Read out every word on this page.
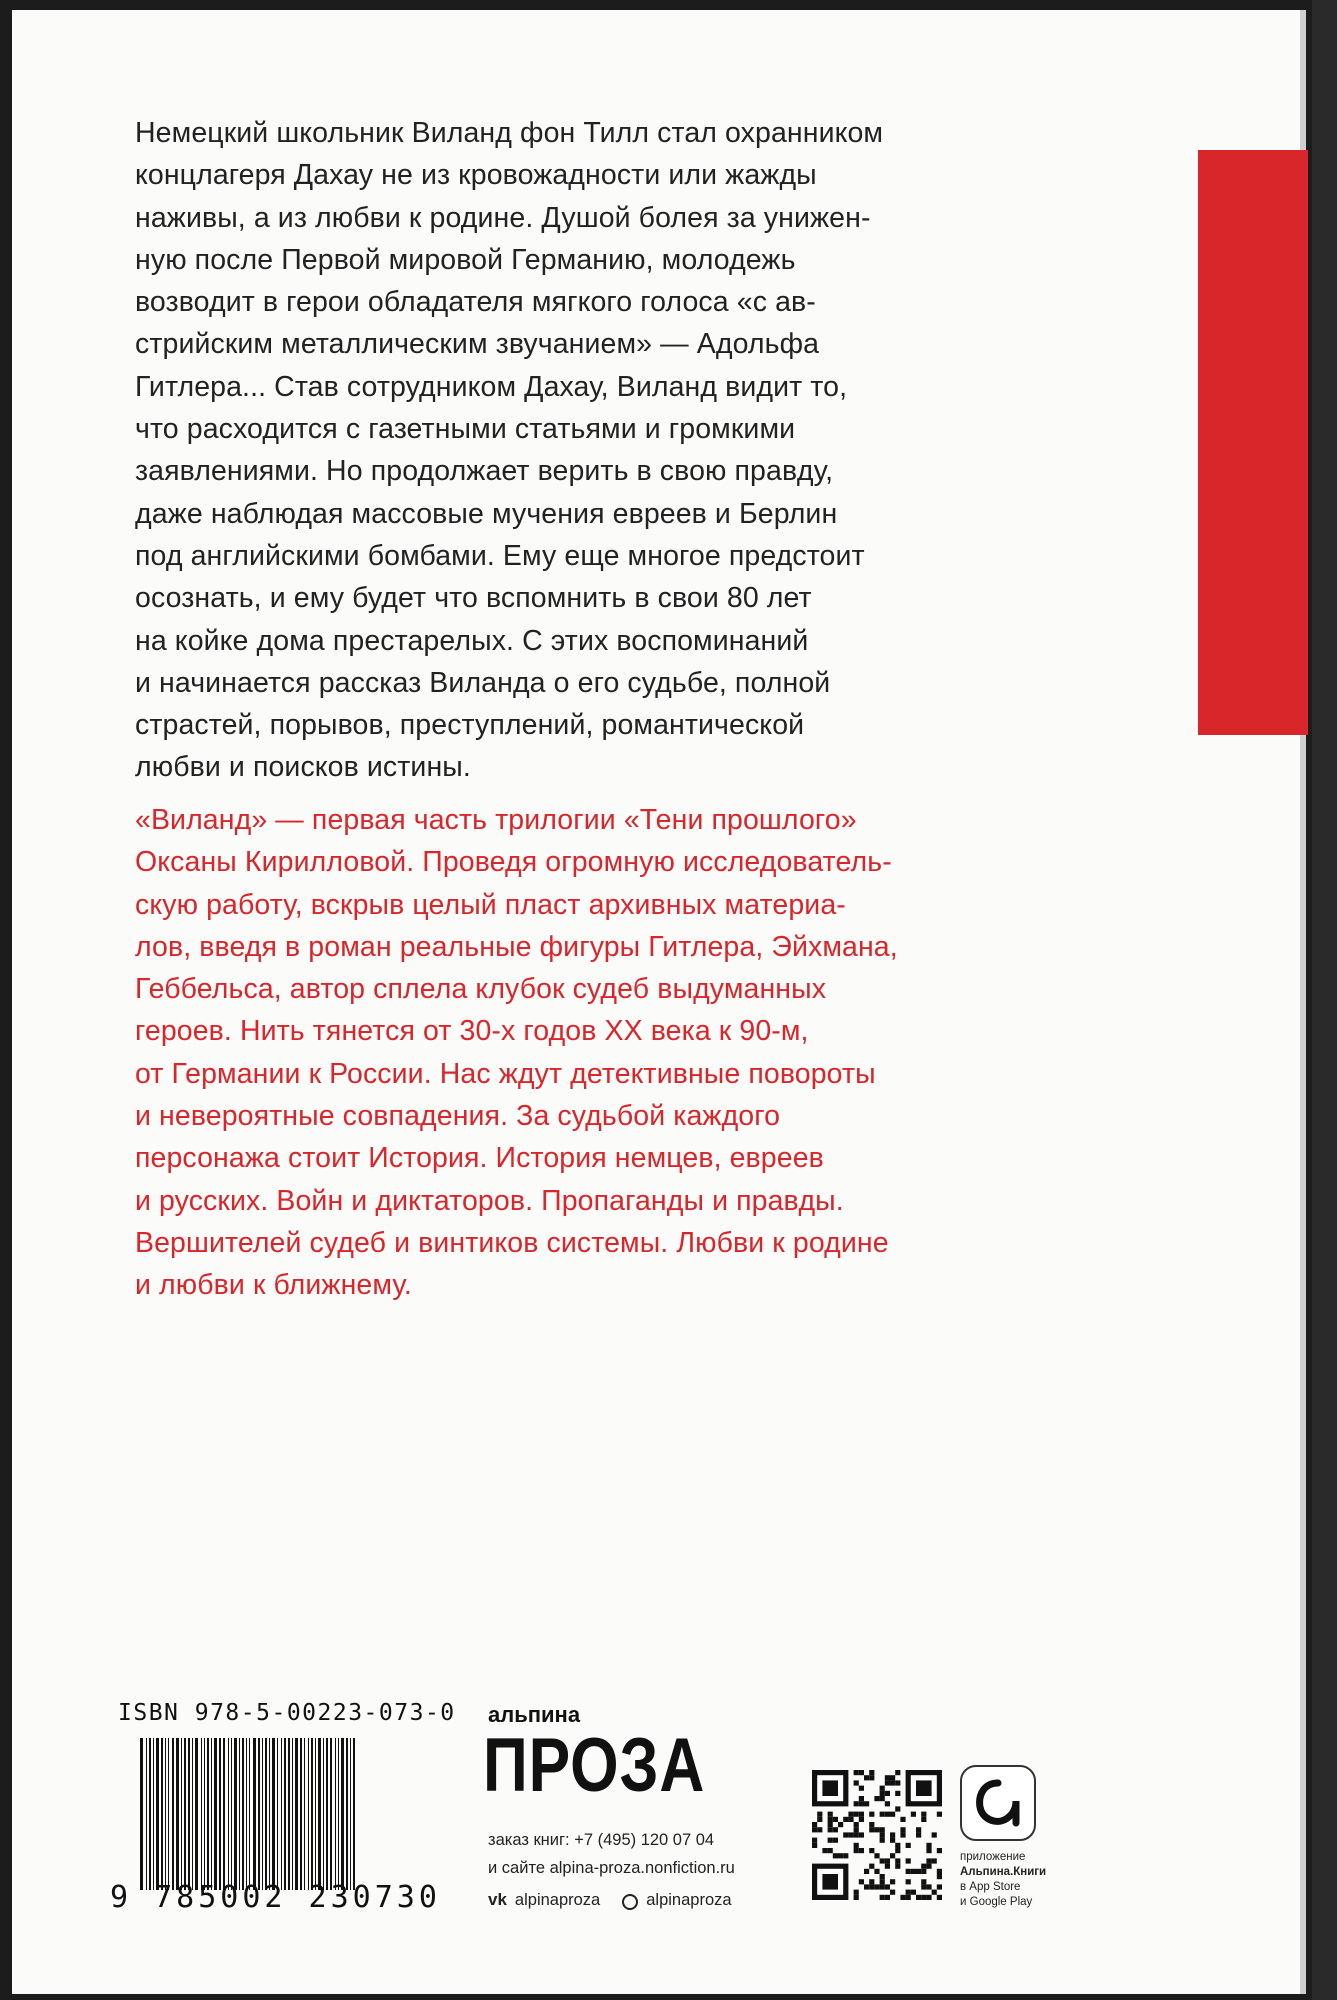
Немецкий школьник Виланд фон Тилл стал охранником
концлагеря Дахау не из кровожадности или жажды
наживы, а из любви к родине. Душой болея за унижен-
ную после Первой мировой Германию, молодежь
возводит в герои обладателя мягкого голоса «с ав-
стрийским металлическим звучанием» — Адольфа
Гитлера... Став сотрудником Дахау, Виланд видит то,
что расходится с газетными статьями и громкими
заявлениями. Но продолжает верить в свою правду,
даже наблюдая массовые мучения евреев и Берлин
под английскими бомбами. Ему еще многое предстоит
осознать, и ему будет что вспомнить в свои 80 лет
на койке дома престарелых. С этих воспоминаний
и начинается рассказ Виланда о его судьбе, полной
страстей, порывов, преступлений, романтической
любви и поисков истины.
«Виланд» — первая часть трилогии «Тени прошлого»
Оксаны Кирилловой. Проведя огромную исследователь-
скую работу, вскрыв целый пласт архивных материа-
лов, введя в роман реальные фигуры Гитлера, Эйхмана,
Геббельса, автор сплела клубок судеб выдуманных
героев. Нить тянется от 30-х годов XX века к 90-м,
от Германии к России. Нас ждут детективные повороты
и невероятные совпадения. За судьбой каждого
персонажа стоит История. История немцев, евреев
и русских. Войн и диктаторов. Пропаганды и правды.
Вершителей судеб и винтиков системы. Любви к родине
и любви к ближнему.
ISBN 978-5-00223-073-0
9 785002 230730
альпина
ПРОЗА
заказ книг: +7 (495) 120 07 04
и сайте alpina-proza.nonfiction.ru
vk alpinaproza	alpinaproza
приложение
Альпина.Книги
в App Store
и Google Play
